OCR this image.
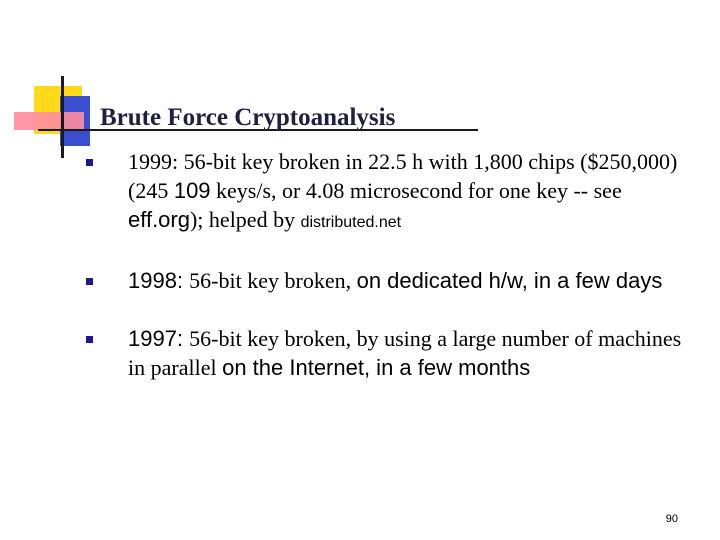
Brute Force Cryptoanalysis
1999: 56-bit key broken in 22.5 h with 1,800 chips ($250,000) (245 109 keys/s, or 4.08 microsecond for one key -- see eff.org); helped by distributed.net
1998: 56-bit key broken, on dedicated h/w, in a few days
1997: 56-bit key broken, by using a large number of machines in parallel on the Internet, in a few months
90
